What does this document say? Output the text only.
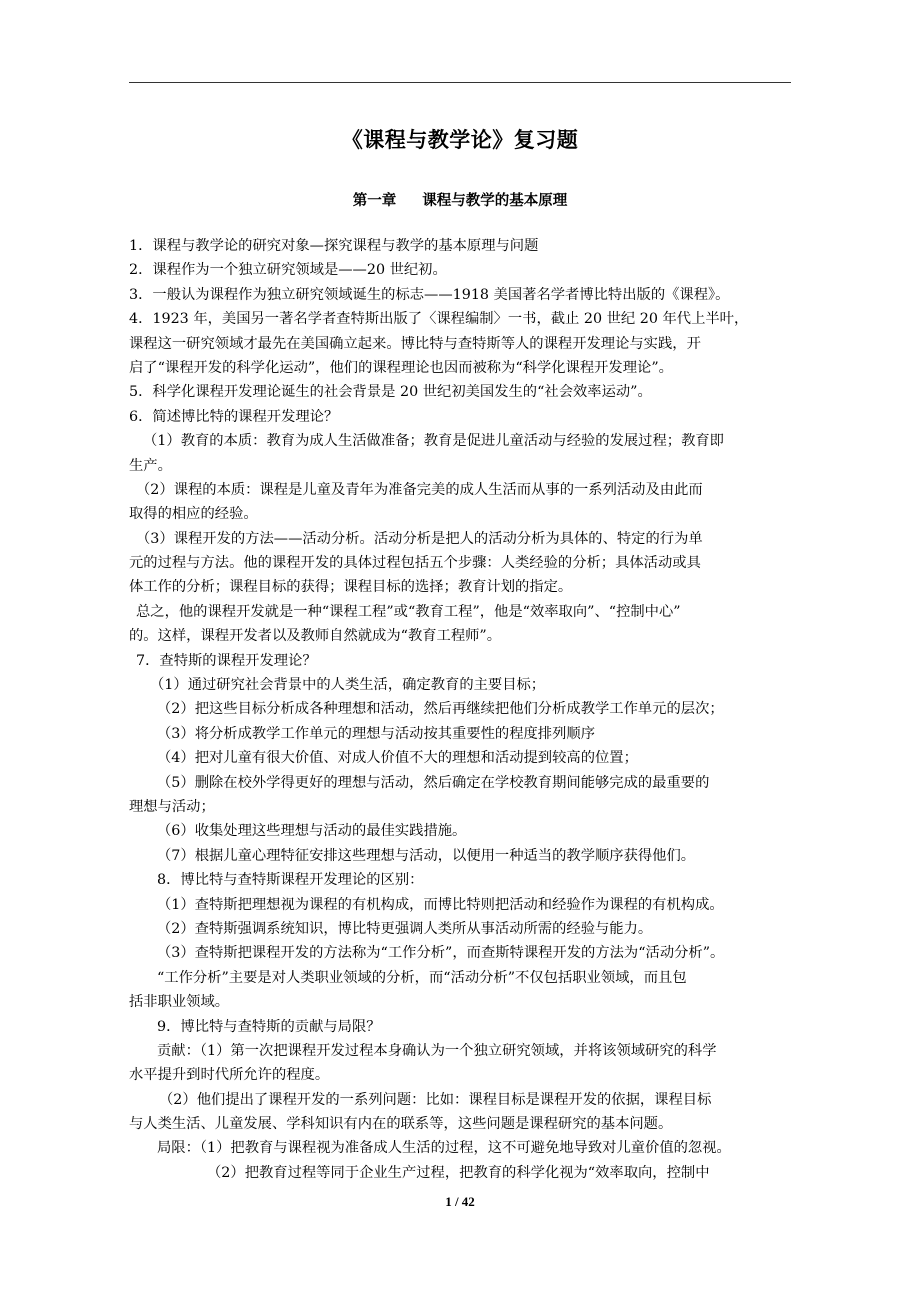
《课程与教学论》复习题
第一章 课程与教学的基本原理
1．课程与教学论的研究对象—探究课程与教学的基本原理与问题
2．课程作为一个独立研究领域是——20 世纪初。
3．一般认为课程作为独立研究领域诞生的标志——1918 美国著名学者博比特出版的《课程》。
4．1923 年，美国另一著名学者查特斯出版了〈课程编制〉一书，截止 20 世纪 20 年代上半叶，
课程这一研究领域才最先在美国确立起来。博比特与查特斯等人的课程开发理论与实践，开
启了“课程开发的科学化运动”，他们的课程理论也因而被称为“科学化课程开发理论”。
5．科学化课程开发理论诞生的社会背景是 20 世纪初美国发生的“社会效率运动”。
6．简述博比特的课程开发理论？
（1）教育的本质：教育为成人生活做准备；教育是促进儿童活动与经验的发展过程；教育即
生产。
（2）课程的本质：课程是儿童及青年为准备完美的成人生活而从事的一系列活动及由此而
取得的相应的经验。
（3）课程开发的方法——活动分析。活动分析是把人的活动分析为具体的、特定的行为单
元的过程与方法。他的课程开发的具体过程包括五个步骤：人类经验的分析；具体活动或具
体工作的分析；课程目标的获得；课程目标的选择；教育计划的指定。
总之，他的课程开发就是一种“课程工程”或“教育工程”，他是“效率取向”、“控制中心”
的。这样，课程开发者以及教师自然就成为“教育工程师”。
7．查特斯的课程开发理论？
（1）通过研究社会背景中的人类生活，确定教育的主要目标；
（2）把这些目标分析成各种理想和活动，然后再继续把他们分析成教学工作单元的层次；
（3）将分析成教学工作单元的理想与活动按其重要性的程度排列顺序
（4）把对儿童有很大价值、对成人价值不大的理想和活动提到较高的位置；
（5）删除在校外学得更好的理想与活动，然后确定在学校教育期间能够完成的最重要的
理想与活动；
（6）收集处理这些理想与活动的最佳实践措施。
（7）根据儿童心理特征安排这些理想与活动，以便用一种适当的教学顺序获得他们。
8．博比特与查特斯课程开发理论的区别：
（1）查特斯把理想视为课程的有机构成，而博比特则把活动和经验作为课程的有机构成。
（2）查特斯强调系统知识，博比特更强调人类所从事活动所需的经验与能力。
（3）查特斯把课程开发的方法称为“工作分析”，而查斯特课程开发的方法为“活动分析”。
“工作分析”主要是对人类职业领域的分析，而“活动分析”不仅包括职业领域，而且包
括非职业领域。
9．博比特与查特斯的贡献与局限？
贡献：（1）第一次把课程开发过程本身确认为一个独立研究领域，并将该领域研究的科学
水平提升到时代所允许的程度。
（2）他们提出了课程开发的一系列问题：比如：课程目标是课程开发的依据，课程目标
与人类生活、儿童发展、学科知识有内在的联系等，这些问题是课程研究的基本问题。
局限：（1）把教育与课程视为准备成人生活的过程，这不可避免地导致对儿童价值的忽视。
（2）把教育过程等同于企业生产过程，把教育的科学化视为“效率取向，控制中
1 / 42
